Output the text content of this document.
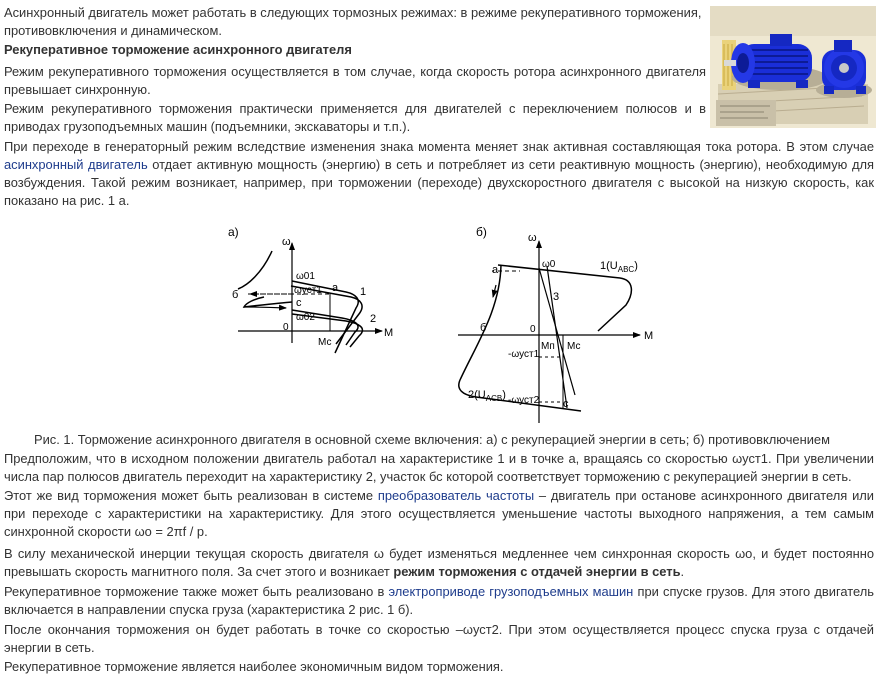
Асинхронный двигатель может работать в следующих тормозных режимах: в режиме рекуперативного торможения,

противовключения и динамическом.

Рекуперативное торможение асинхронного двигателя

Режим рекуперативного торможения осуществляется в том случае, когда скорость ротора асинхронного двигателя превышает синхронную.

Режим рекуперативного торможения практически применяется для двигателей с переключением полюсов и в приводах грузоподъемных машин (подъемники, экскаваторы и т.п.).

При переходе в генераторный режим вследствие изменения знака момента меняет знак активная составляющая тока ротора. В этом случае асинхронный двигатель отдает активную мощность (энергию) в сеть и потребляет из сети реактивную мощность (энергию), необходимую для возбуждения. Такой режим возникает, например, при торможении (переходе) двухскоростного двигателя с высокой на низкую скорость, как показано на рис. 1 а.

а)
ω
M
0
ω01
ωуст1
ω02
а
б
с
1
2
Мс
б)	ω
M
0
а
б
с
ω0
3
Мп Мс
-ωуст1
-ωуст2
$1(U_{ABC})$
$2(U_{ACB})$

Рис. 1. Торможение асинхронного двигателя в основной схеме включения: а) с рекуперацией энергии в сеть; б) противовключением

Предположим, что в исходном положении двигатель работал на характеристике 1 и в точке а, вращаясь со скоростью ωуст1. При увеличении числа пар полюсов двигатель переходит на характеристику 2, участок бс которой соответствует торможению с рекуперацией энергии в сеть.

Этот же вид торможения может быть реализован в системе преобразователь частоты – двигатель при останове асинхронного двигателя или при переходе с характеристики на характеристику. Для этого осуществляется уменьшение частоты выходного напряжения, а тем самым синхронной скорости ωо = 2πf / р.

В силу механической инерции текущая скорость двигателя ω будет изменяться медленнее чем синхронная скорость ωо, и будет постоянно превышать скорость магнитного поля. За счет этого и возникает режим торможения с отдачей энергии в сеть.

Рекуперативное торможение также может быть реализовано в электроприводе грузоподъемных машин при спуске грузов. Для этого двигатель включается в направлении спуска груза (характеристика 2 рис. 1 б).

После окончания торможения он будет работать в точке со скоростью –ωуст2. При этом осуществляется процесс спуска груза с отдачей энергии в сеть.

Рекуперативное торможение является наиболее экономичным видом торможения.
